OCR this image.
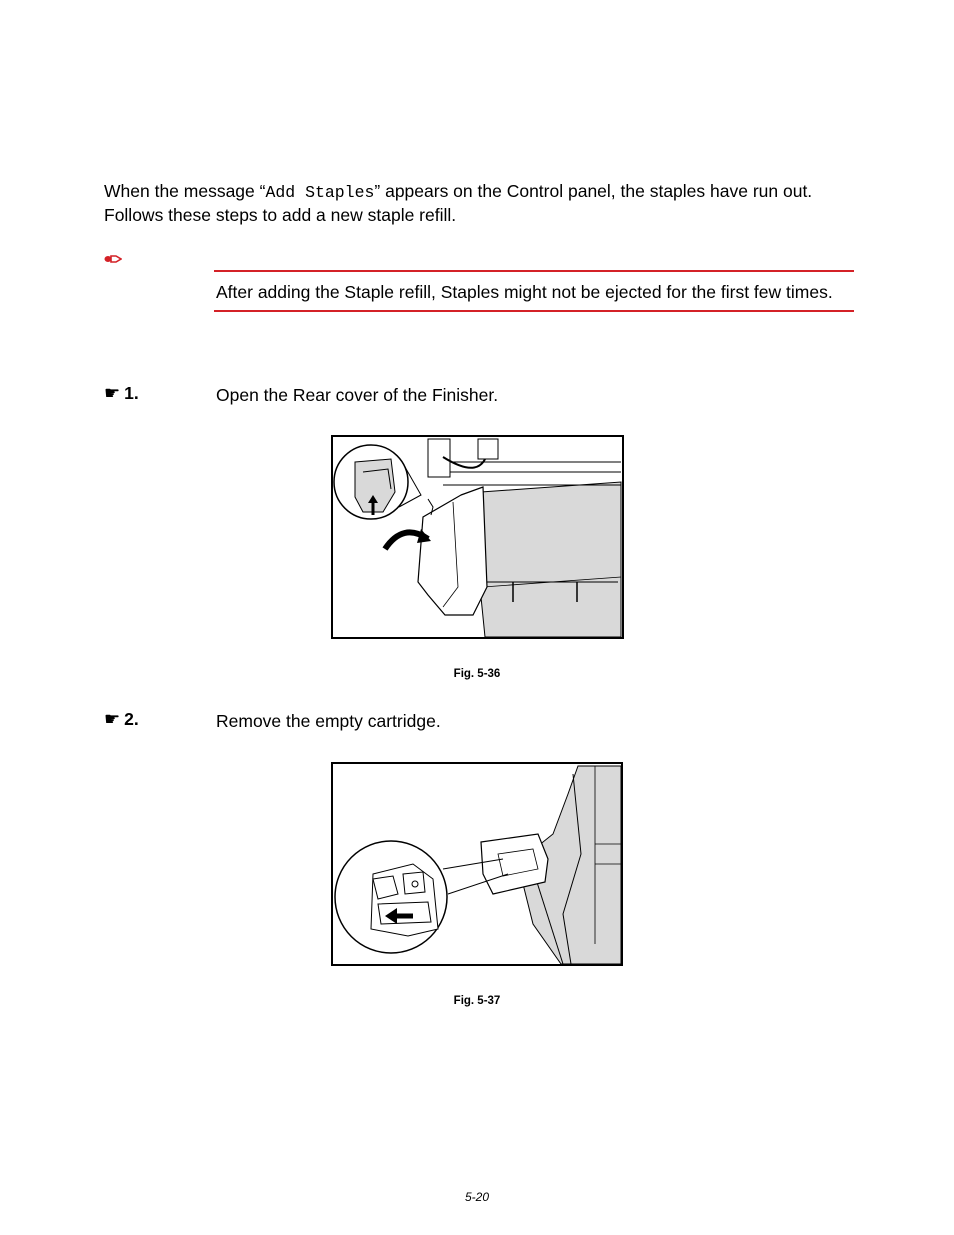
When the message “Add Staples” appears on the Control panel, the staples have run out. Follows these steps to add a new staple refill.
After adding the Staple refill, Staples might not be ejected for the first few times.
☛ 1.	Open the Rear cover of the Finisher.
Fig. 5-36
☛ 2.	Remove the empty cartridge.
Fig. 5-37
5-20
